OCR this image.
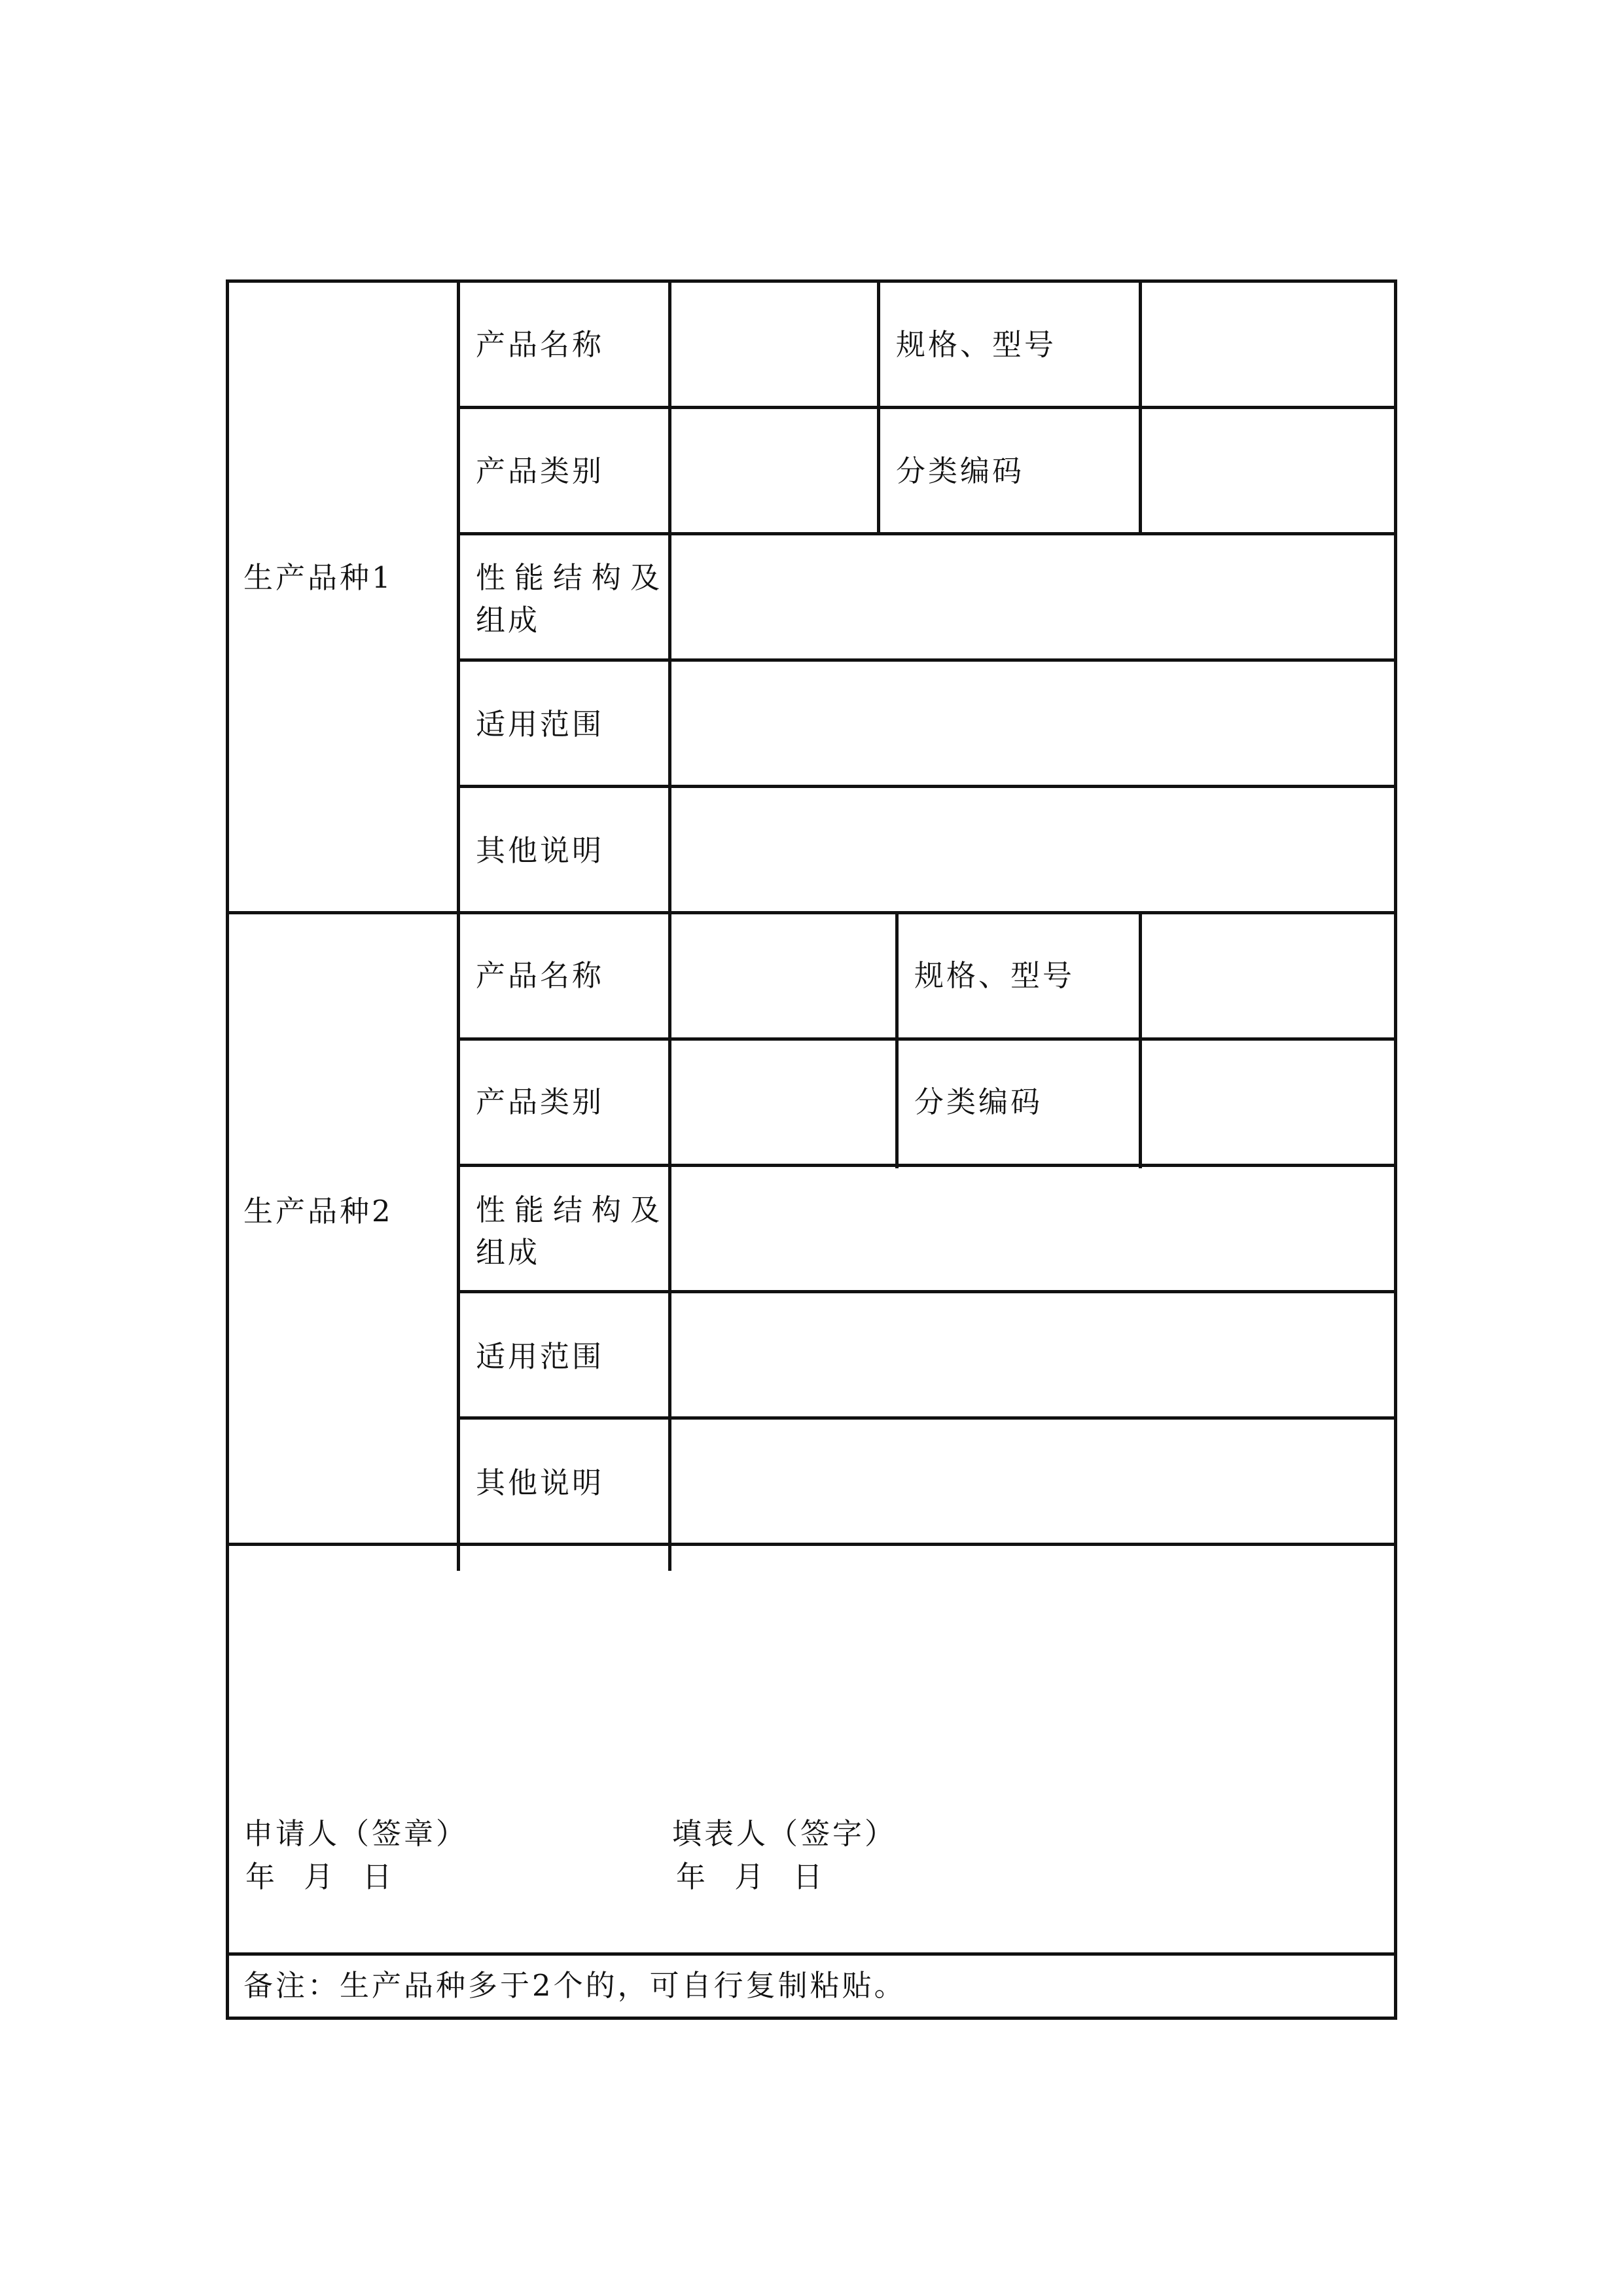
生产品种1
产品名称	规格、型号
产品类别	分类编码
性能结构及
组成
适用范围
其他说明
生产品种2
产品名称	规格、型号
产品类别	分类编码
性能结构及
组成
适用范围
其他说明
申请人（签章）
年 月 日
填表人（签字）
年 月 日
备注：生产品种多于2个的，可自行复制粘贴。
